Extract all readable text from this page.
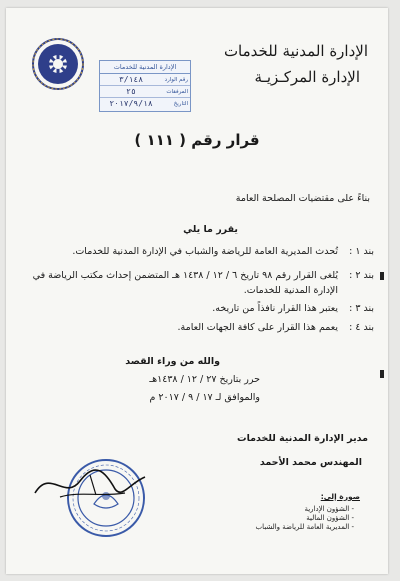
الإدارة المدنية للخدمات
الإدارة المركـزيـة
الإدارة المدنية للخدمات
رقم الوارد
٣/١٤٨
المرفقات
٢٥
التاريخ
٢٠١٧/٩/١٨
قرار رقم ( ١١١ )
بناءً على مقتضيات المصلحة العامة
يقرر ما يلي
بند ١ :
تُحدث المديرية العامة للرياضة والشباب في الإدارة المدنية للخدمات.
بند ٢ :
يُلغى القرار رقم ٩٨ تاريخ ٦ / ١٢ / ١٤٣٨ هـ المتضمن إحداث مكتب الرياضة في الإدارة المدنية للخدمات.
بند ٣ :
يعتبر هذا القرار نافذاً من تاريخه.
بند ٤ :
يعمم هذا القرار على كافة الجهات العامة.
والله من وراء القصد
حرر بتاريخ ٢٧ / ١٢ / ١٤٣٨هـ
والموافق لـ ١٧ / ٩ / ٢٠١٧ م
مدير الإدارة المدنية للخدمات
المهندس محمد الأحمد
صورة إلى:
- الشؤون الإدارية
- الشؤون المالية
- المديرية العامة للرياضة والشباب
